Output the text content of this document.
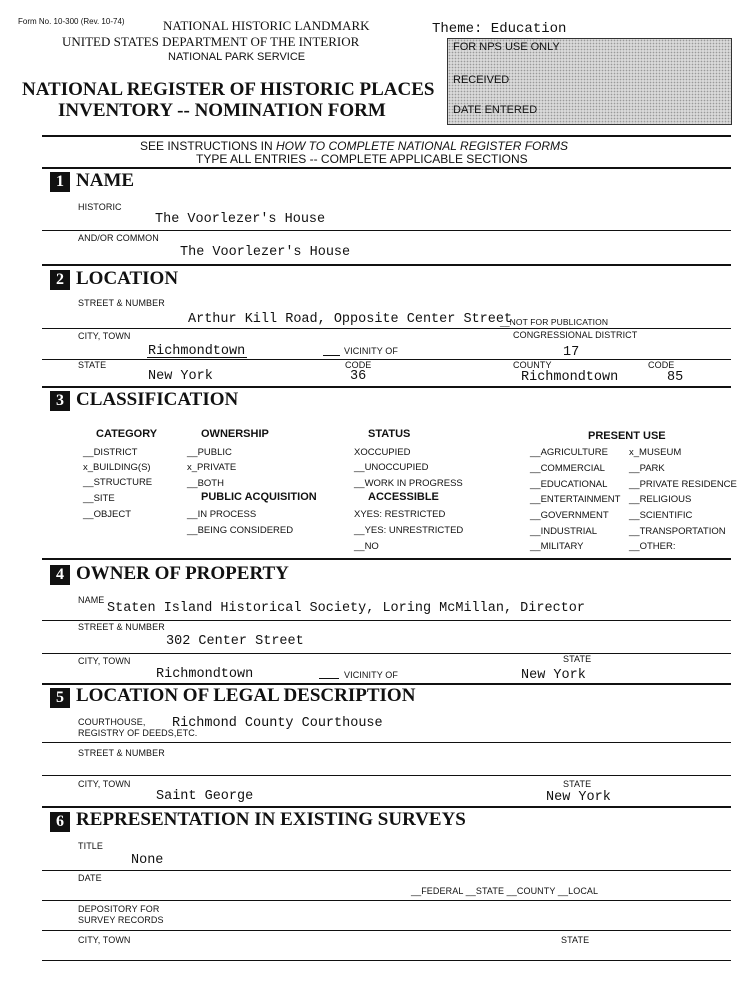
Form No. 10-300 (Rev. 10-74)	NATIONAL HISTORIC LANDMARK
UNITED STATES DEPARTMENT OF THE INTERIOR
NATIONAL PARK SERVICE
NATIONAL REGISTER OF HISTORIC PLACES
INVENTORY -- NOMINATION FORM
Theme: Education
FOR NPS USE ONLY
RECEIVED
DATE ENTERED
SEE INSTRUCTIONS IN HOW TO COMPLETE NATIONAL REGISTER FORMS
TYPE ALL ENTRIES -- COMPLETE APPLICABLE SECTIONS
1 NAME
HISTORIC
The Voorlezer's House
AND/OR COMMON
The Voorlezer's House
2 LOCATION
STREET & NUMBER
Arthur Kill Road, Opposite Center Street
__NOT FOR PUBLICATION
CITY, TOWN	CONGRESSIONAL DISTRICT
Richmondtown	VICINITY OF	17
STATE	CODE	COUNTY	CODE
New York	36	Richmondtown	85
3 CLASSIFICATION
CATEGORY
__DISTRICT
x_BUILDING(S)
__STRUCTURE
__SITE
__OBJECT
OWNERSHIP
__PUBLIC
x_PRIVATE
__BOTH
PUBLIC ACQUISITION
__IN PROCESS
__BEING CONSIDERED
STATUS
XOCCUPIED
__UNOCCUPIED
__WORK IN PROGRESS
ACCESSIBLE
XYES: RESTRICTED
__YES: UNRESTRICTED
__NO
PRESENT USE
__AGRICULTURE
__COMMERCIAL
__EDUCATIONAL
__ENTERTAINMENT
__GOVERNMENT
__INDUSTRIAL
__MILITARY
x_MUSEUM
__PARK
__PRIVATE RESIDENCE
__RELIGIOUS
__SCIENTIFIC
__TRANSPORTATION
__OTHER:
4 OWNER OF PROPERTY
NAME
Staten Island Historical Society, Loring McMillan, Director
STREET & NUMBER
302 Center Street
CITY, TOWN	STATE
Richmondtown	VICINITY OF	New York
5 LOCATION OF LEGAL DESCRIPTION
COURTHOUSE,
REGISTRY OF DEEDS,ETC.
Richmond County Courthouse
STREET & NUMBER
CITY, TOWN	STATE
Saint George	New York
6 REPRESENTATION IN EXISTING SURVEYS
TITLE
None
DATE
__FEDERAL __STATE __COUNTY __LOCAL
DEPOSITORY FOR
SURVEY RECORDS
CITY, TOWN	STATE
